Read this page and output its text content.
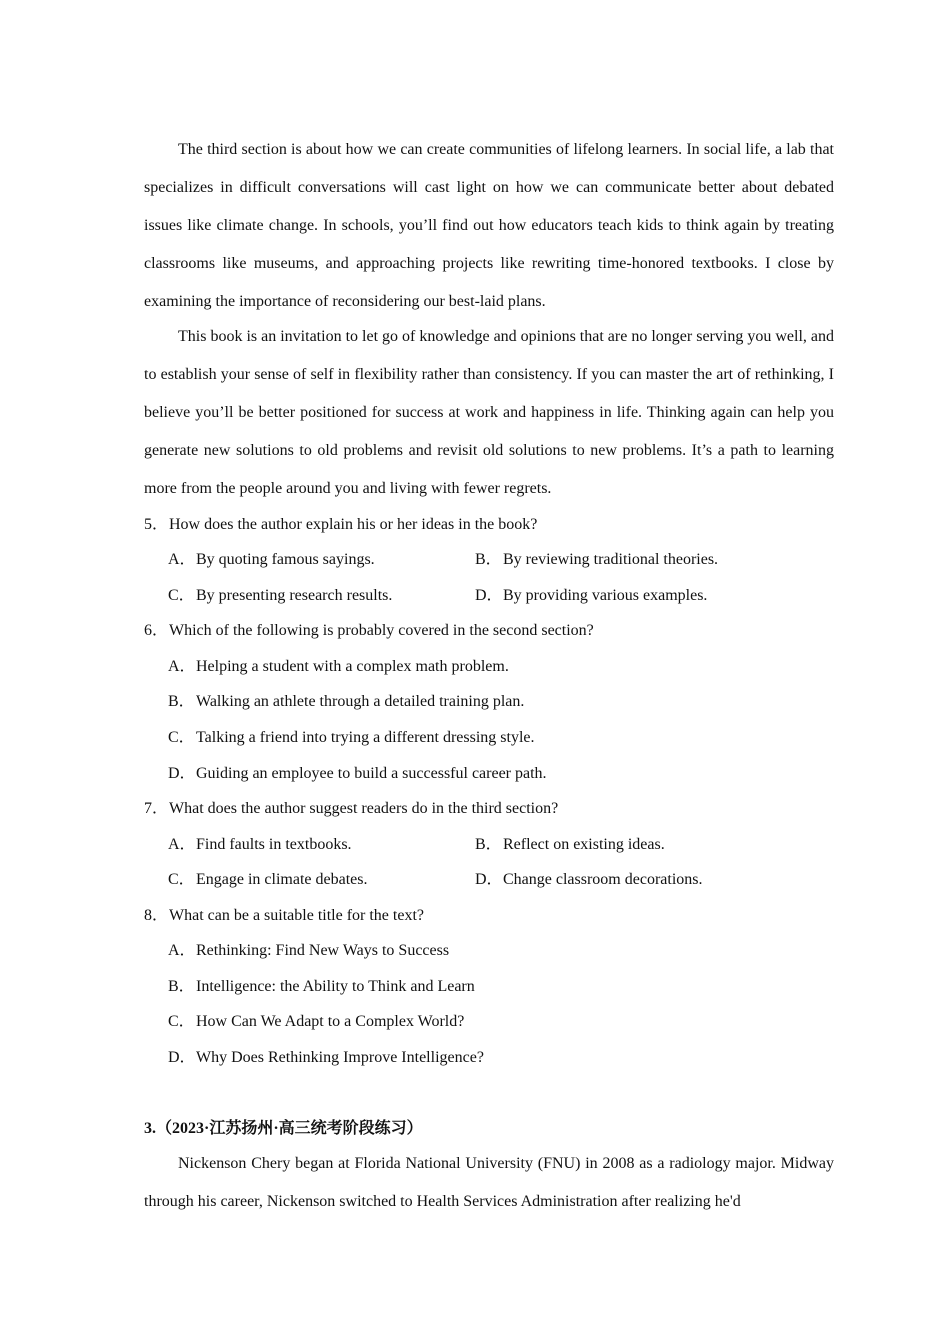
The third section is about how we can create communities of lifelong learners. In social life, a lab that specializes in difficult conversations will cast light on how we can communicate better about debated issues like climate change. In schools, you’ll find out how educators teach kids to think again by treating classrooms like museums, and approaching projects like rewriting time-honored textbooks. I close by examining the importance of reconsidering our best-laid plans.
This book is an invitation to let go of knowledge and opinions that are no longer serving you well, and to establish your sense of self in flexibility rather than consistency. If you can master the art of rethinking, I believe you’ll be better positioned for success at work and happiness in life. Thinking again can help you generate new solutions to old problems and revisit old solutions to new problems. It’s a path to learning more from the people around you and living with fewer regrets.
5．How does the author explain his or her ideas in the book?
A．By quoting famous sayings.	B．By reviewing traditional theories.
C．By presenting research results.	D．By providing various examples.
6．Which of the following is probably covered in the second section?
A．Helping a student with a complex math problem.
B．Walking an athlete through a detailed training plan.
C．Talking a friend into trying a different dressing style.
D．Guiding an employee to build a successful career path.
7．What does the author suggest readers do in the third section?
A．Find faults in textbooks.	B．Reflect on existing ideas.
C．Engage in climate debates.	D．Change classroom decorations.
8．What can be a suitable title for the text?
A．Rethinking: Find New Ways to Success
B．Intelligence: the Ability to Think and Learn
C．How Can We Adapt to a Complex World?
D．Why Does Rethinking Improve Intelligence?
3.（2023·江苏扬州·高三统考阶段练习）
Nickenson Chery began at Florida National University (FNU) in 2008 as a radiology major. Midway through his career, Nickenson switched to Health Services Administration after realizing he'd
